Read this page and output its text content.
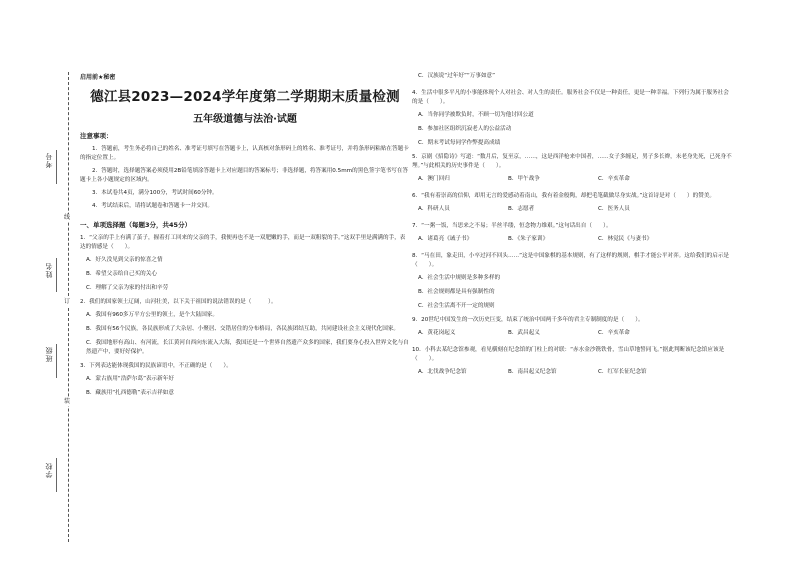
考号
线
姓名
订
班级
装
学校
启用前★秘密
德江县2023—2024学年度第二学期期末质量检测
五年级道德与法治·试题
注意事项：

1．答题前，考生务必将自己的姓名、准考证号填写在答题卡上，认真核对条形码上的姓名、准考证号，并将条形码粘贴在答题卡的指定位置上。

2．答题时，选择题答案必须使用2B铅笔填涂答题卡上对应题目的答案标号；非选择题，将答案用0.5mm的黑色签字笔书写在答题卡上各小题规定的区域内。

3．本试卷共4页，满分100分，考试时间60分钟。

4．考试结束后，请将试题卷和答题卡一并交回。

一、单项选择题（每题3分，共45分）
1．“父亲的手上有满了茧子，握着打工回来的父亲的手，我便再也不是一双肥嫩的手，而是一双粗裂的手。”这双手里是满满的手，表达的情感是（　　）。
A．好久没见到父亲的惊喜之情
B．希望父亲给自己买的关心
C．理解了父亲为家的付出和辛劳
2．我们的国家领土辽阔，山河壮美，以下关于祖国的说法错误的是（　　　）。
A．我国有960多万平方公里的领土，是个大陆国家。
B．我国有56个民族，各民族形成了大杂居、小聚居、交错居住的分布格局，各民族团结互助，共同建设社会主义现代化国家。
C．我国地形有高山、有河流，长江黄河自西向东流入大海，我国还是一个世界自然遗产众多的国家，我们要身心投入世界文化与自然遗产中，要好好保护。
3．下列表达能体现我国的民族谚语中，不正确的是（　　）。
A．蒙古族用“浩萨尔葛”表示新年好
B．藏族用“扎西德勒”表示吉祥如意
C．汉族说“过年好”“万事如意”
4．生活中很多平凡的小事能体现个人对社会、对人生的责任。服务社会不仅是一种责任，更是一种幸福。下列行为属于服务社会的是（　　）。
A．当你同学被欺负时，不顾一切为他讨回公道
B．参加社区组织沉寂老人的公益活动
C．期末考试每同学作弊提高成绩
5．京剧《招隐诗》写道：“数月后，复至京，……，这是西洋枪来中国者，……女子多缠足，男子多长辫，未老身先死，已死身不埋。”与此相关的历史事件是（　　）。
A．澳门回归	B．甲午战争	C．辛亥革命
6．“我有着崇高的信仰，却用无言的爱感动着南山，我有着金般陶，却把毛笔截做尽身实战。”这首诗是对（　　）的赞美。
A．科研人员	B．志愿者	C．医务人员
7．“一粥一饭，当思来之不易；半丝半缕，恒念物力维艰。”这句话出自（　　）。
A．诸葛亮《诫子书》	B．《朱子家训》	C．林觉民《与妻书》
8．“马在田，象走田，小卒过河不回头……”这是中国象棋的基本规则，有了这样的规则，棋手才能公平对弈。这给我们的启示是（　　）。
A．社会生活中规则是多种多样的
B．社会规则都是具有强制性的
C．社会生活离不开一定的规则
9．20世纪中国发生的一次历史巨变，结束了统治中国两千多年的君主专制制度的是（　　）。
A．黄花岗起义	B．武昌起义	C．辛亥革命
10．小科去某纪念馆参观，看见横刻在纪念馆的门柱上的对联：“赤水金沙镌铁骨，雪山草地誓同飞。”据此判断该纪念馆应该是（　　）。
A．北伐战争纪念馆	B．南昌起义纪念馆	C．红军长征纪念馆
